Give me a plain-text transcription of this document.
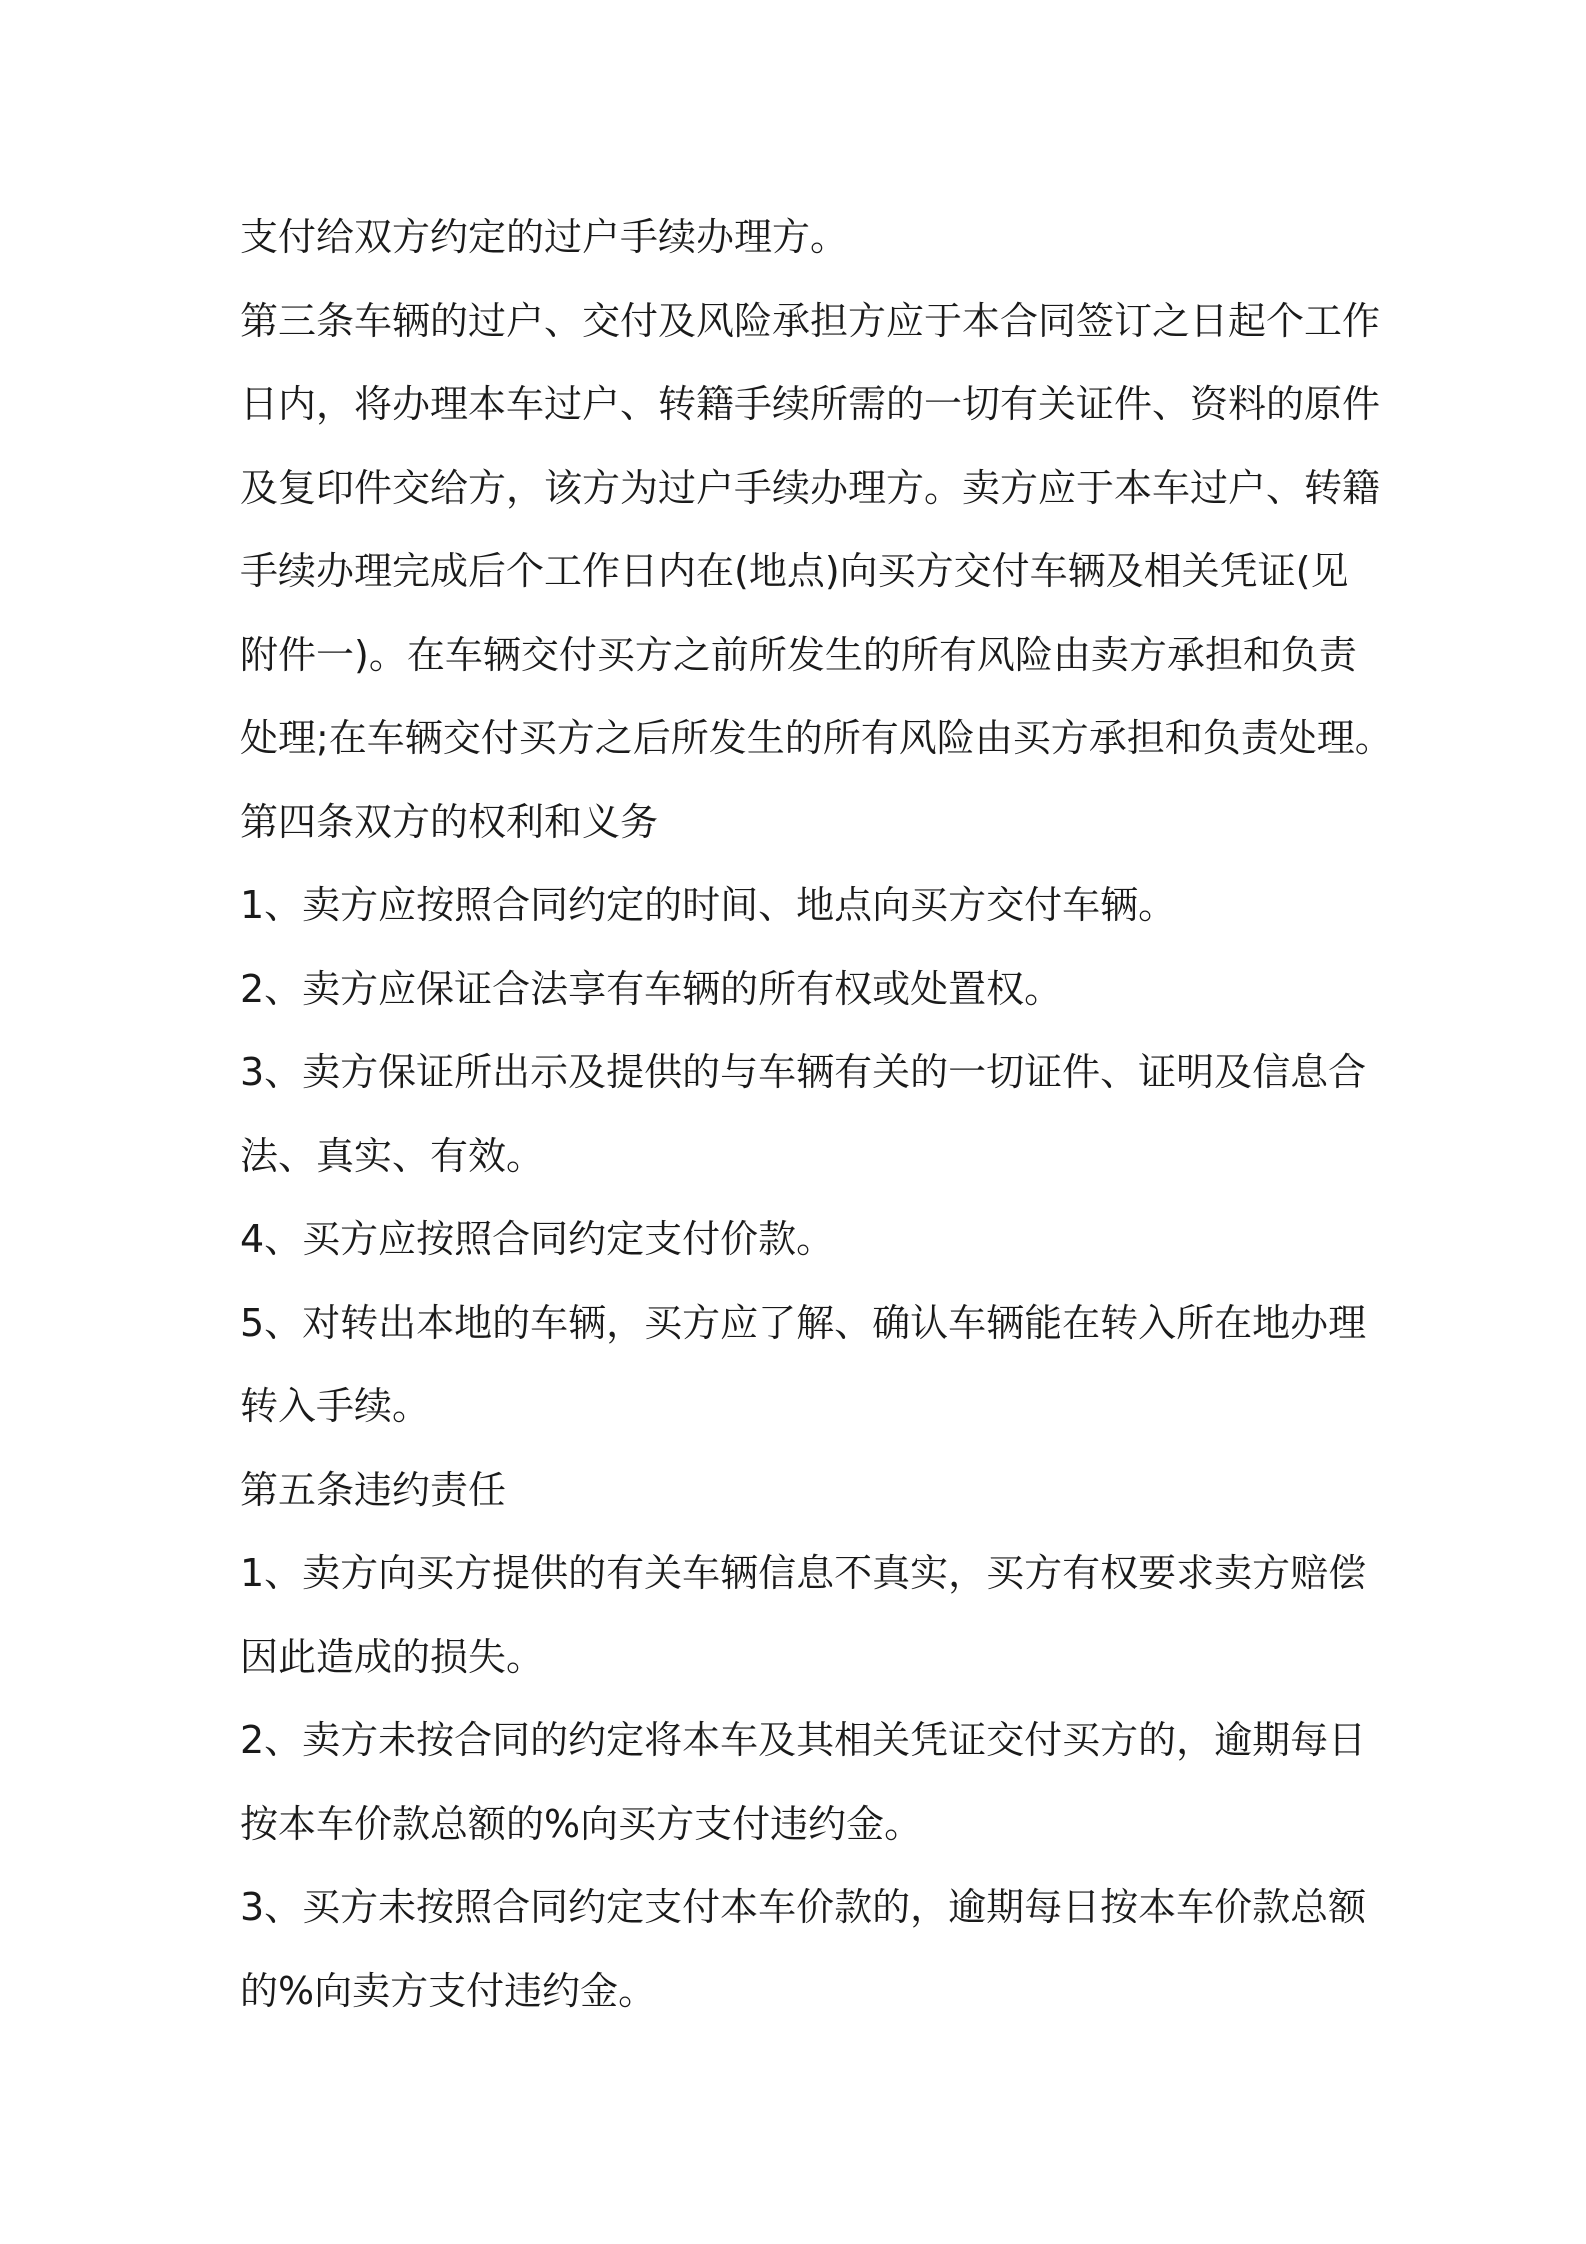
支付给双方约定的过户手续办理方。

第三条车辆的过户、交付及风险承担方应于本合同签订之日起个工作

日内，将办理本车过户、转籍手续所需的一切有关证件、资料的原件

及复印件交给方，该方为过户手续办理方。卖方应于本车过户、转籍

手续办理完成后个工作日内在(地点)向买方交付车辆及相关凭证(见

附件一)。在车辆交付买方之前所发生的所有风险由卖方承担和负责

处理;在车辆交付买方之后所发生的所有风险由买方承担和负责处理。

第四条双方的权利和义务

1、卖方应按照合同约定的时间、地点向买方交付车辆。

2、卖方应保证合法享有车辆的所有权或处置权。

3、卖方保证所出示及提供的与车辆有关的一切证件、证明及信息合

法、真实、有效。

4、买方应按照合同约定支付价款。

5、对转出本地的车辆，买方应了解、确认车辆能在转入所在地办理

转入手续。

第五条违约责任

1、卖方向买方提供的有关车辆信息不真实，买方有权要求卖方赔偿

因此造成的损失。

2、卖方未按合同的约定将本车及其相关凭证交付买方的，逾期每日

按本车价款总额的%向买方支付违约金。

3、买方未按照合同约定支付本车价款的，逾期每日按本车价款总额

的%向卖方支付违约金。
